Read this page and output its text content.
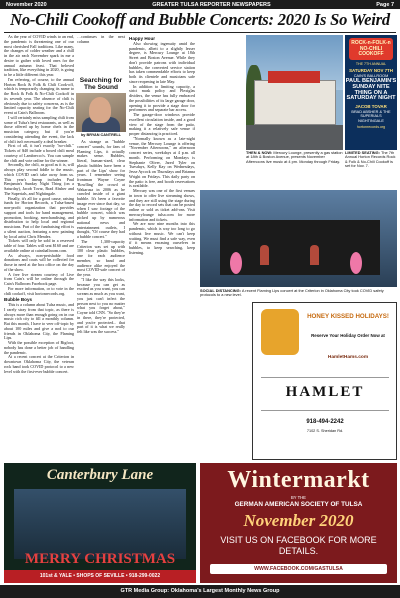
November 2020	GREATER TULSA REPORTER NEWSPAPERS	Page 7
No-Chili Cookoff and Bubble Concerts: 2020 Is So Weird

As the year of COVID winds to an end, the pandemic is threatening one of our most cherished Fall traditions. Like many, the changes of colder weather and a chill in the air each November spark in me a desire to gather with loved ones for the annual autumn feast. That beloved tradition, like everything in 2020, is going to be a little different this year.

I'm referring, of course, to the annual Horton Rock & Folk & Chili Cook-off, which is temporarily changing its name to the Rock & Folk & No-Chili Cookoff in its seventh year. The absence of chili is obviously due to safety concerns, as is the limited capacity seating for the No-Chili event at Cain's Ballroom.

I will certainly miss sampling chili from some of Tulsa's best restaurants, as well as those offered up by home chefs in the musician category, but if you're considering attending the event, the lack of chili isn't necessarily a deal breaker.

First of all, it isn't exactly "no-chili." Tickets of $40 include a boxed chili meal courtesy of Lambrecco's. You can sample the chili and vote online for the winner.

Secondly, the chili, as good as it is, will always play second fiddle to the music, which COVID can't take away from us. This year's lineup includes Paul Benjamin's Sunday Night Thing (on a Saturday), Jacob Tovar, Brad Absher and The Superials, and Nightingale.

Finally, it's all for a good cause, raising funds for Horton Records, a Tulsa-based non-profit organization that provides support and tools for band management, promotion, booking, merchandising, and distribution to help local and regional musicians. Part of the fundraising effort is a silent auction, featuring a new painting by local artist Chris Mendez.

Tickets will only be sold in a reserved table of four. Tables will seat $160 and are available online at cainsballroom.com.

As always, non-perishable food donations and coats will be collected for those in need at the box office on the day of the show.

A free live stream courtesy of Live from Cain's will be online through the Cain's Ballroom Facebook page.

For more information, or to vote in the chili cookoff, visit hortonrecords.org.

Bubble Boys

This is a column about Tulsa music, and I rarely stray from that topic, as there is always more than enough going on in our music rich city to fill a monthly column. But this month, I have to veer off-topic by about 100 miles and give a nod to our friends in Oklahoma City, the Flaming Lips.

With the possible exception of Bigfoot, nobody has done a better job of handling the pandemic.

At a recent concert at the Criterion in downtown Oklahoma City, the veteran rock band took COVID protocol to a new level with the first-ever bubble concert.

…continues in the next column

Searching for The Sound
by BRYAN CANTRELL

As strange as "bubble concert" sounds, for fans of Flaming Lips, it actually makes sense. Bubbles, literal, human-sized, clear plastic bubbles have been a part of the Lips' show for years. I remember seeing frontman Wayne Coyne 'Bowlling' the crowd at Wakarusa in 2006 as he crawled inside of a giant bubble. It's been a favorite image ever since that day, so when I saw footage of the bubble concert, which was picked up by numerous national news and entertainment outlets, I thought, "Of course they had a bubble concert."

The 1,300-capacity Criterion was set up with 100 clear plastic bubbles, one for each audience member, so band and audience alike enjoyed the most COVID-safe concert of the year.

"I like the way this looks, because you can get as excited as you want, you can scream as much as you want, you just can't infect the person next to you no matter what you forget about," Coyne told CNN. "So they're in there, they're protected, and you're protected... that part of it is what we really felt like was the success."

Happy Hour

Also showing ingenuity amid the pandemic, albeit to a slightly lesser degree, is Mercury Lounge at 18th Street and Boston Avenue. While they don't provide patrons with individual bubbles, the converted service station has taken commendable efforts to keep both its clientele and musicians safe since reopening in late May.

In addition to limiting capacity, a strict mask policy and Plexiglas dividers, the venue has fully embraced the possibilities of its large garage door, opening it to provide a stage door for performers and separate bar access.

The garage-door windows provide excellent circulation inside, and a good view of the stage from the patio, making it a relatively safe venue if proper distancing is practiced.

"Normally known as a late-night venue, the Mercury Lounge is offering "November Afternoons," an afternoon concert series, weekdays at 4 p.m. all month. Performing on Mondays is Stephanie Oliver, Jared Tyler on Tuesdays, Kelly Kay on Wednesdays, Jesse Aycock on Thursdays and Brianna Wright on Fridays. This daily party on the patio is free, and booth reservations is available.

Mercury was one of the first venues in town to offer live streaming shows, and they are still using the stage during the day to record sets that can be posted online or sold as ticket add-ons. Visit mercurylounge tulsa.com for more information and tickets.

We are now nine months into this pandemic, which is way too long to go without live music. We can't keep waiting. We must find a safe way, even if it means encasing ourselves in bubbles, to keep searching, keep listening.

THEN & NOW: Mercury Lounge, presently a gas station at 18th & Boston Avenue, presents November Afternoons live music at 4 pm. Monday through Friday.
ROCK-n-FOLK-n NO-CHILI COOKOFF
THE 7TH ANNUAL
SATURDAY NOV 7TH
CAIN'S BALLROOM
PAUL BENJAMIN'S SUNDAY NITE THING ON A SATURDAY NIGHT
JACOB TOVAR
BRAD ABSHER & THE SUPERIALS
NIGHTINGALE
hortonrecords.org
LIMITED SEATING: The 7th Annual Horton Records Rock & Folk & No-Chili Cookoff is set for Nov. 7.
SOCIAL DISTANCING: A recent Flaming Lips concert at the Criterion in Oklahoma City took COVID safety protocols to a new level.
HONEY KISSED HOLIDAYS!
Reserve Your Holiday Order Now at
HamletHams.com
HAMLET
918-494-2242
7102 S. Sheridan Rd.
Canterbury Lane
MERRY CHRISTMAS
101st & YALE • SHOPS OF SEVILLE • 918-299-0022
Wintermarkt
BY THE
GERMAN AMERICAN SOCIETY OF TULSA
November 2020
VISIT US ON FACEBOOK FOR MORE DETAILS.
WWW.FACEBOOK.COM/GASTULSA
GTR Media Group: Oklahoma's Largest Monthly News Group
